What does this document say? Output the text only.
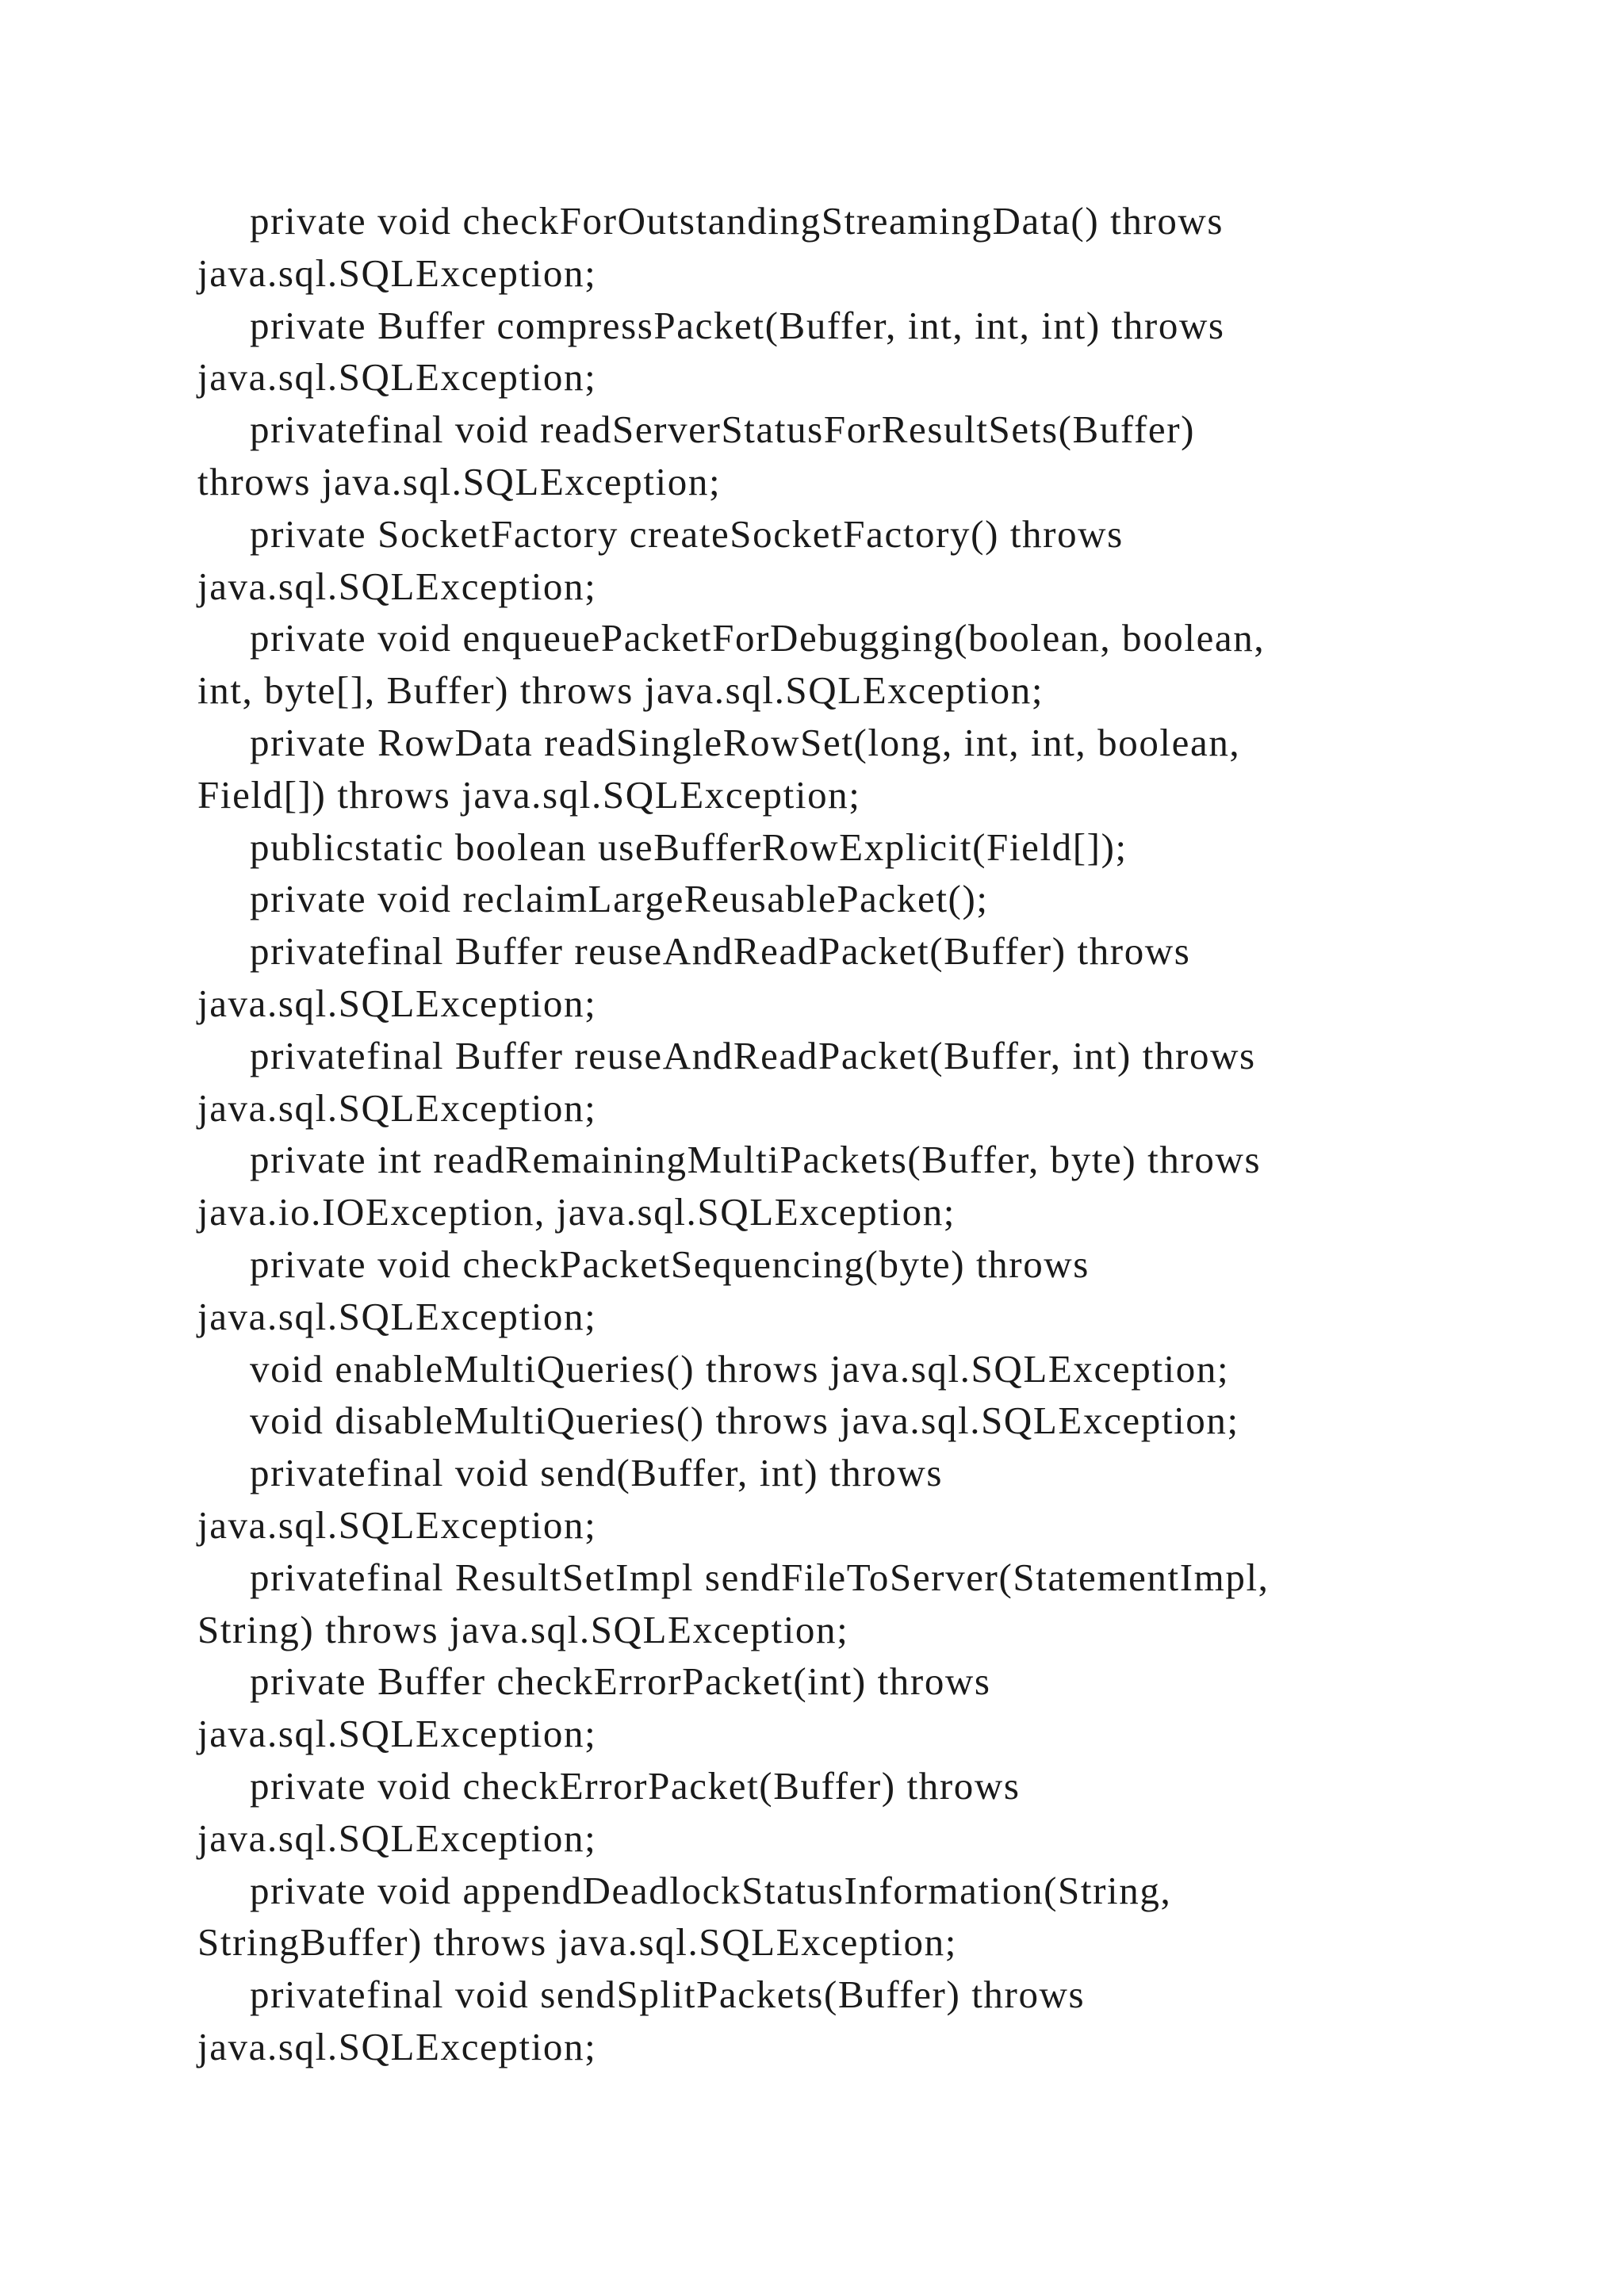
private void checkForOutstandingStreamingData() throws
java.sql.SQLException;
private Buffer compressPacket(Buffer, int, int, int) throws
java.sql.SQLException;
privatefinal void readServerStatusForResultSets(Buffer)
throws java.sql.SQLException;
private SocketFactory createSocketFactory() throws
java.sql.SQLException;
private void enqueuePacketForDebugging(boolean, boolean,
int, byte[], Buffer) throws java.sql.SQLException;
private RowData readSingleRowSet(long, int, int, boolean,
Field[]) throws java.sql.SQLException;
publicstatic boolean useBufferRowExplicit(Field[]);
private void reclaimLargeReusablePacket();
privatefinal Buffer reuseAndReadPacket(Buffer) throws
java.sql.SQLException;
privatefinal Buffer reuseAndReadPacket(Buffer, int) throws
java.sql.SQLException;
private int readRemainingMultiPackets(Buffer, byte) throws
java.io.IOException, java.sql.SQLException;
private void checkPacketSequencing(byte) throws
java.sql.SQLException;
void enableMultiQueries() throws java.sql.SQLException;
void disableMultiQueries() throws java.sql.SQLException;
privatefinal void send(Buffer, int) throws
java.sql.SQLException;
privatefinal ResultSetImpl sendFileToServer(StatementImpl,
String) throws java.sql.SQLException;
private Buffer checkErrorPacket(int) throws
java.sql.SQLException;
private void checkErrorPacket(Buffer) throws
java.sql.SQLException;
private void appendDeadlockStatusInformation(String,
StringBuffer) throws java.sql.SQLException;
privatefinal void sendSplitPackets(Buffer) throws
java.sql.SQLException;
